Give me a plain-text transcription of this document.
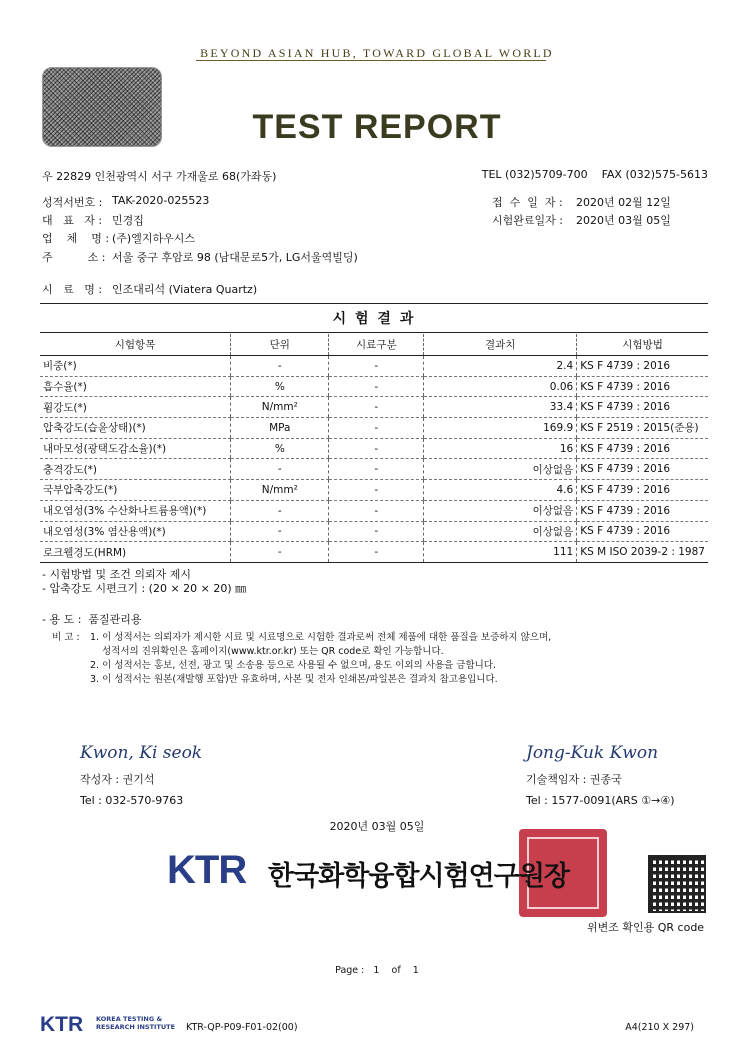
BEYOND ASIAN HUB, TOWARD GLOBAL WORLD
TEST REPORT
우 22829 인천광역시 서구 가재울로 68(가좌동)	TEL (032)5709-700    FAX (032)575-5613
성적서번호 : TAK-2020-025523
대   표   자 : 민경집
업    체    명 : (주)엘지하우시스
주          소 : 서울 중구 후암로 98 (남대문로5가, LG서울역빌딩)
접  수  일  자 : 2020년 02월 12일
시험완료일자 : 2020년 03월 05일
시   료   명 : 인조대리석 (Viatera Quartz)
시 험 결 과
시험항목	단위	시료구분	결과치	시험방법
비중(*)	-	-	2.4	KS F 4739 : 2016
흡수율(*)	%	-	0.06	KS F 4739 : 2016
휨강도(*)	N/mm²	-	33.4	KS F 4739 : 2016
압축강도(습윤상태)(*)	MPa	-	169.9	KS F 2519 : 2015(준용)
내마모성(광택도감소율)(*)	%	-	16	KS F 4739 : 2016
충격강도(*)	-	-	이상없음	KS F 4739 : 2016
국부압축강도(*)	N/mm²	-	4.6	KS F 4739 : 2016
내오염성(3% 수산화나트륨용액)(*)	-	-	이상없음	KS F 4739 : 2016
내오염성(3% 염산용액)(*)	-	-	이상없음	KS F 4739 : 2016
로크웰경도(HRM)	-	-	111	KS M ISO 2039-2 : 1987
- 시험방법 및 조건 의뢰자 제시
- 압축강도 시편크기 : (20 × 20 × 20) ㎜
- 용 도 :  품질관리용
비 고 : 1. 이 성적서는 의뢰자가 제시한 시료 및 시료명으로 시험한 결과로써 전체 제품에 대한 품질을 보증하지 않으며,
성적서의 진위확인은 홈페이지(www.ktr.or.kr) 또는 QR code로 확인 가능합니다.
2. 이 성적서는 홍보, 선전, 광고 및 소송용 등으로 사용될 수 없으며, 용도 이외의 사용을 금합니다.
3. 이 성적서는 원본(재발행 포함)만 유효하며, 사본 및 전자 인쇄본/파일본은 결과치 참고용입니다.
Kwon, Ki seok
작성자 : 권기석
Tel : 032-570-9763
Jong-Kuk Kwon
기술책임자 : 권종국
Tel : 1577-0091(ARS ①→④)
2020년 03월 05일
KTR 한국화학융합시험연구원장
위변조 확인용 QR code
Page :   1    of    1
KTR KOREA TESTING & RESEARCH INSTITUTE	KTR-QP-P09-F01-02(00)	A4(210 X 297)
